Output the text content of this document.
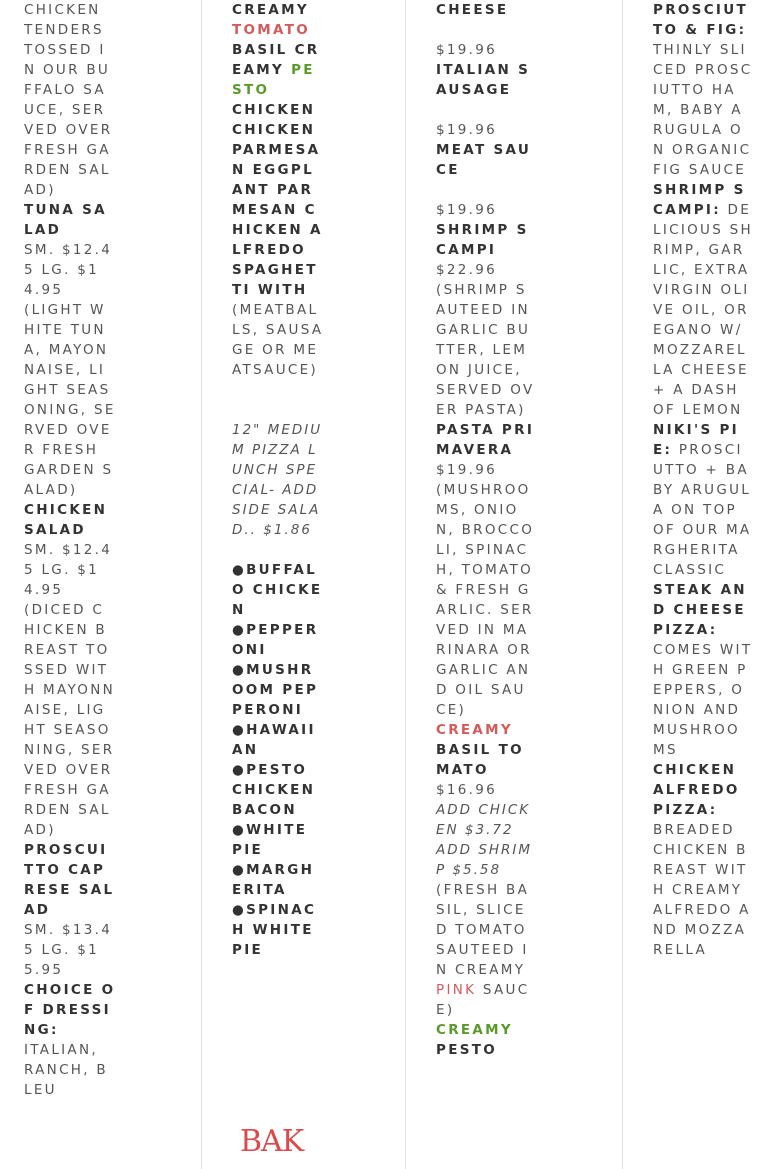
CHICKEN TENDERS TOSSED IN OUR BUFFALO SAUCE, SERVED OVER FRESH GARDEN SALAD)
TUNA SALAD
SM. $12.45 LG. $14.95
(LIGHT WHITE TUNA, MAYONNAISE, LIGHT SEASONING, SERVED OVER FRESH GARDEN SALAD)
CHICKEN SALAD
SM. $12.45 LG. $14.95
(DICED CHICKEN BREAST TOSSED WITH MAYONNAISE, LIGHT SEASONING, SERVED OVER FRESH GARDEN SALAD)
PROSCUITTO CAPRESE SALAD
SM. $13.45 LG. $15.95
CHOICE OF DRESSING:
ITALIAN, RANCH, BLEU
CREAMY TOMATO BASIL CREAMY PESTO
CHICKEN CHICKEN PARMESAN EGGPLANT PARMESAN CHICKEN ALFREDO SPAGHETTI WITH
(MEATBALLS, SAUSAGE OR MEATSAUCE)
12" MEDIUM PIZZA LUNCH SPECIAL- ADD SIDE SALAD.. $1.86
●BUFFALO CHICKEN
●PEPPERONI
●MUSHROOM PEPPERONI
●HAWAIIAN
●PESTO CHICKEN BACON
●WHITE PIE
●MARGHERITA
●SPINACH WHITE PIE
BAK
CHEESE
$19.96
ITALIAN SAUSAGE
$19.96
MEAT SAUCE
$19.96
SHRIMP SCAMPI
$22.96
(SHRIMP SAUTEED IN GARLIC BUTTER, LEMON JUICE, SERVED OVER PASTA)
PASTA PRIMAVERA
$19.96
(MUSHROOMS, ONION, BROCCOLI, SPINACH, TOMATO & FRESH GARLIC. SERVED IN MARINARA OR GARLIC AND OIL SAUCE)
CREAMY
BASIL TOMATO
$16.96
ADD CHICKEN $3.72
ADD SHRIMP $5.58
(FRESH BASIL, SLICED TOMATO SAUTEED IN CREAMY PINK SAUCE)
CREAMY
PESTO
PROSCIUTTO & FIG:
THINLY SLICED PROSCIUTTO HAM, BABY ARUGULA ON ORGANIC FIG SAUCE
SHRIMP SCAMPI: DELICIOUS SHRIMP, GARLIC, EXTRA VIRGIN OLIVE OIL, OREGANO W/ MOZZARELLA CHEESE + A DASH OF LEMON
NIKI'S PIE: PROSCIUTTO + BABY ARUGULA ON TOP OF OUR MARGHERITA CLASSIC
STEAK AND CHEESE PIZZA:
COMES WITH GREEN PEPPERS, ONION AND MUSHROOMS
CHICKEN ALFREDO PIZZA:
BREADED CHICKEN BREAST WITH CREAMY ALFREDO AND MOZZARELLA
